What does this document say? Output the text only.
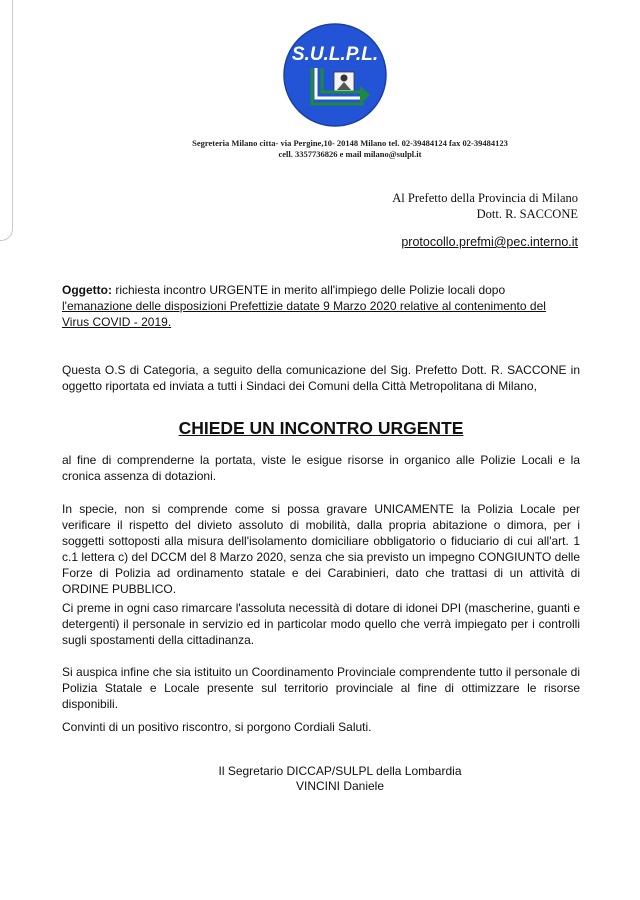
S.U.L.P.L.
Segreteria Milano citta- via Pergine,10- 20148 Milano tel. 02-39484124 fax 02-39484123
cell. 3357736826 e mail milano@sulpl.it
Al Prefetto della Provincia di Milano
Dott. R. SACCONE
protocollo.prefmi@pec.interno.it
Oggetto: richiesta incontro URGENTE in merito all'impiego delle Polizie locali dopo
l'emanazione delle disposizioni Prefettizie datate 9 Marzo 2020 relative al contenimento del
Virus COVID - 2019.
Questa O.S di Categoria, a seguito della comunicazione del Sig. Prefetto Dott. R. SACCONE in oggetto riportata ed inviata a tutti i Sindaci dei Comuni della Città Metropolitana di Milano,
CHIEDE UN INCONTRO URGENTE
al fine di comprenderne la portata, viste le esigue risorse in organico alle Polizie Locali e la cronica assenza di dotazioni.
In specie, non si comprende come si possa gravare UNICAMENTE la Polizia Locale per verificare il rispetto del divieto assoluto di mobilità, dalla propria abitazione o dimora, per i soggetti sottoposti alla misura dell'isolamento domiciliare obbligatorio o fiduciario di cui all'art. 1 c.1 lettera c) del DCCM del 8 Marzo 2020, senza che sia previsto un impegno CONGIUNTO delle Forze di Polizia ad ordinamento statale e dei Carabinieri, dato che trattasi di un attività di ORDINE PUBBLICO.
Ci preme in ogni caso rimarcare l'assoluta necessità di dotare di idonei DPI (mascherine, guanti e detergenti) il personale in servizio ed in particolar modo quello che verrà impiegato per i controlli sugli spostamenti della cittadinanza.
Si auspica infine che sia istituito un Coordinamento Provinciale comprendente tutto il personale di Polizia Statale e Locale presente sul territorio provinciale al fine di ottimizzare le risorse disponibili.
Convinti di un positivo riscontro, si porgono Cordiali Saluti.
Il Segretario DICCAP/SULPL della Lombardia
VINCINI Daniele
